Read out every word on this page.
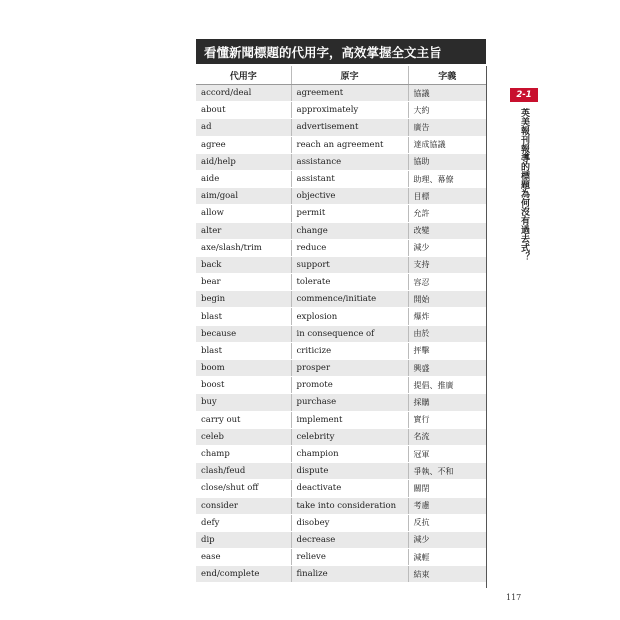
看懂新聞標題的代用字，高效掌握全文主旨
代用字	原字	字義
accord/deal	agreement	協議
about	approximately	大約
ad	advertisement	廣告
agree	reach an agreement	達成協議
aid/help	assistance	協助
aide	assistant	助理、幕僚
aim/goal	objective	目標
allow	permit	允許
alter	change	改變
axe/slash/trim	reduce	減少
back	support	支持
bear	tolerate	容忍
begin	commence/initiate	開始
blast	explosion	爆炸
because	in consequence of	由於
blast	criticize	抨擊
boom	prosper	興盛
boost	promote	提倡、推廣
buy	purchase	採購
carry out	implement	實行
celeb	celebrity	名流
champ	champion	冠軍
clash/feud	dispute	爭執、不和
close/shut off	deactivate	關閉
consider	take into consideration	考慮
defy	disobey	反抗
dip	decrease	減少
ease	relieve	減輕
end/complete	finalize	結束
2-1
英美報刊報導的標題為何沒有過去式？
117
